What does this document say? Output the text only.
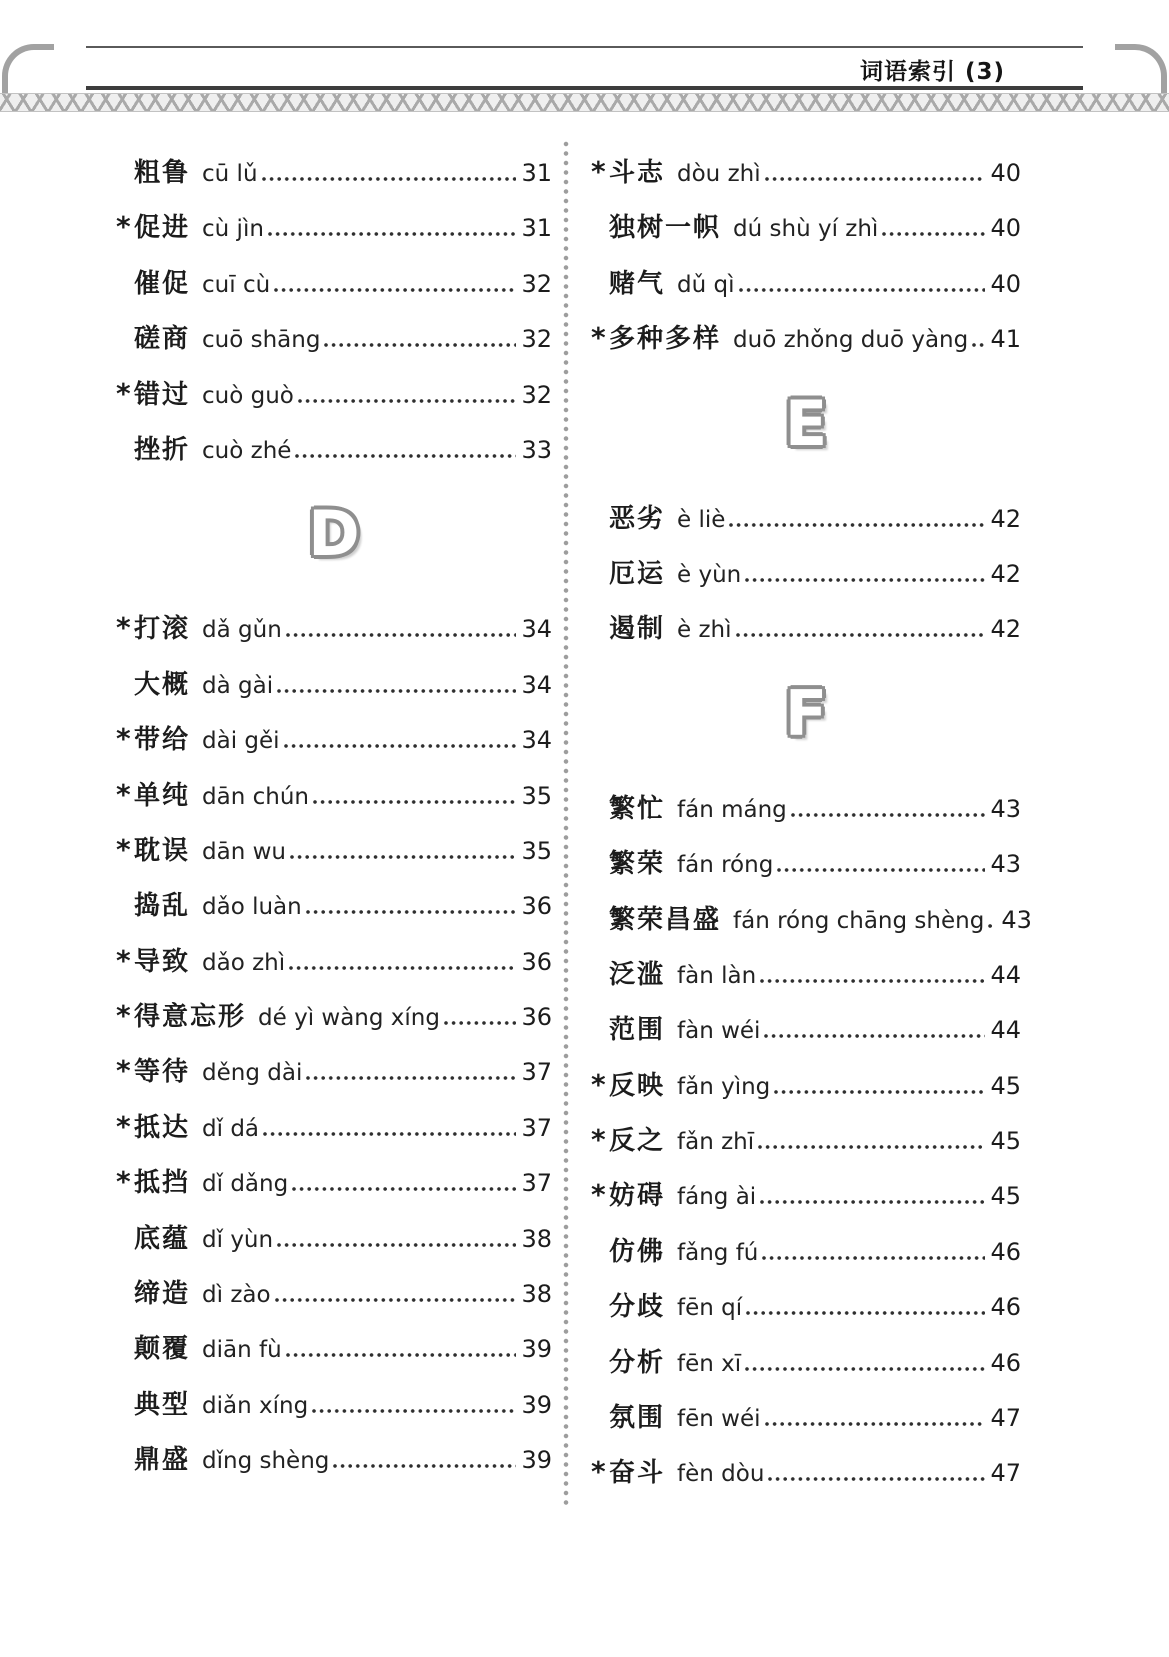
词语索引 (3)
粗鲁 cū lǔ	31
* 促进 cù jìn	31
催促 cuī cù	32
磋商 cuō shāng	32
* 错过 cuò guò	32
挫折 cuò zhé	33
D
* 打滚 dǎ gǔn	34
大概 dà gài	34
* 带给 dài gěi	34
* 单纯 dān chún	35
* 耽误 dān wu	35
捣乱 dǎo luàn	36
* 导致 dǎo zhì	36
* 得意忘形 dé yì wàng xíng	36
* 等待 děng dài	37
* 抵达 dǐ dá	37
* 抵挡 dǐ dǎng	37
底蕴 dǐ yùn	38
缔造 dì zào	38
颠覆 diān fù	39
典型 diǎn xíng	39
鼎盛 dǐng shèng	39
* 斗志 dòu zhì	40
独树一帜 dú shù yí zhì	40
赌气 dǔ qì	40
* 多种多样 duō zhǒng duō yàng 41
E
恶劣 è liè	42
厄运 è yùn	42
遏制 è zhì	42
F
繁忙 fán máng	43
繁荣 fán róng	43
繁荣昌盛 fán róng chāng shèng 43
泛滥 fàn làn	44
范围 fàn wéi	44
* 反映 fǎn yìng	45
* 反之 fǎn zhī	45
* 妨碍 fáng ài	45
仿佛 fǎng fú	46
分歧 fēn qí	46
分析 fēn xī	46
氛围 fēn wéi	47
* 奋斗 fèn dòu	47
